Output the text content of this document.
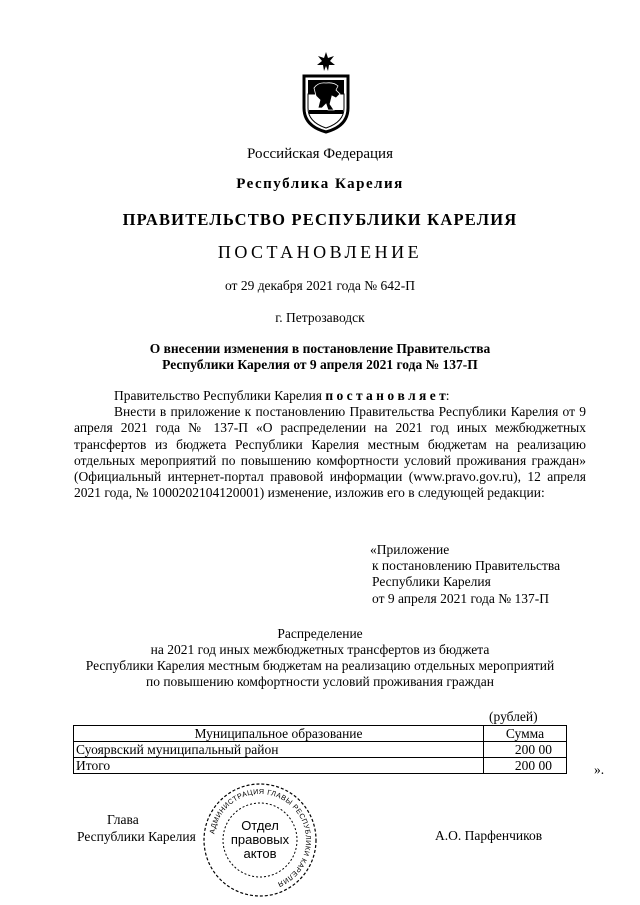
Российская Федерация
Республика Карелия
ПРАВИТЕЛЬСТВО РЕСПУБЛИКИ КАРЕЛИЯ
ПОСТАНОВЛЕНИЕ
от 29 декабря 2021 года № 642-П
г. Петрозаводск
О внесении изменения в постановление Правительства
Республики Карелия от 9 апреля 2021 года № 137-П

Правительство Республики Карелия п о с т а н о в л я е т:

Внести в приложение к постановлению Правительства Республики Карелия от 9 апреля 2021 года № 137-П «О распределении на 2021 год иных межбюджетных трансфертов из бюджета Республики Карелия местным бюджетам на реализацию отдельных мероприятий по повышению комфортности условий проживания граждан» (Официальный интернет-портал правовой информации (www.pravo.gov.ru), 12 апреля 2021 года, № 1000202104120001) изменение, изложив его в следующей редакции:

«Приложение
к постановлению Правительства
Республики Карелия
от 9 апреля 2021 года № 137-П
Распределение
на 2021 год иных межбюджетных трансфертов из бюджета
Республики Карелия местным бюджетам на реализацию отдельных мероприятий
по повышению комфортности условий проживания граждан
(рублей)
Муниципальное образование	Сумма
Суоярвский муниципальный район	200 00
Итого	200 00	».
Глава
Республики Карелия	А.О. Парфенчиков
АДМИНИСТРАЦИЯ ГЛАВЫ РЕСПУБЛИКИ КАРЕЛИЯ
Отдел
правовых
актов
